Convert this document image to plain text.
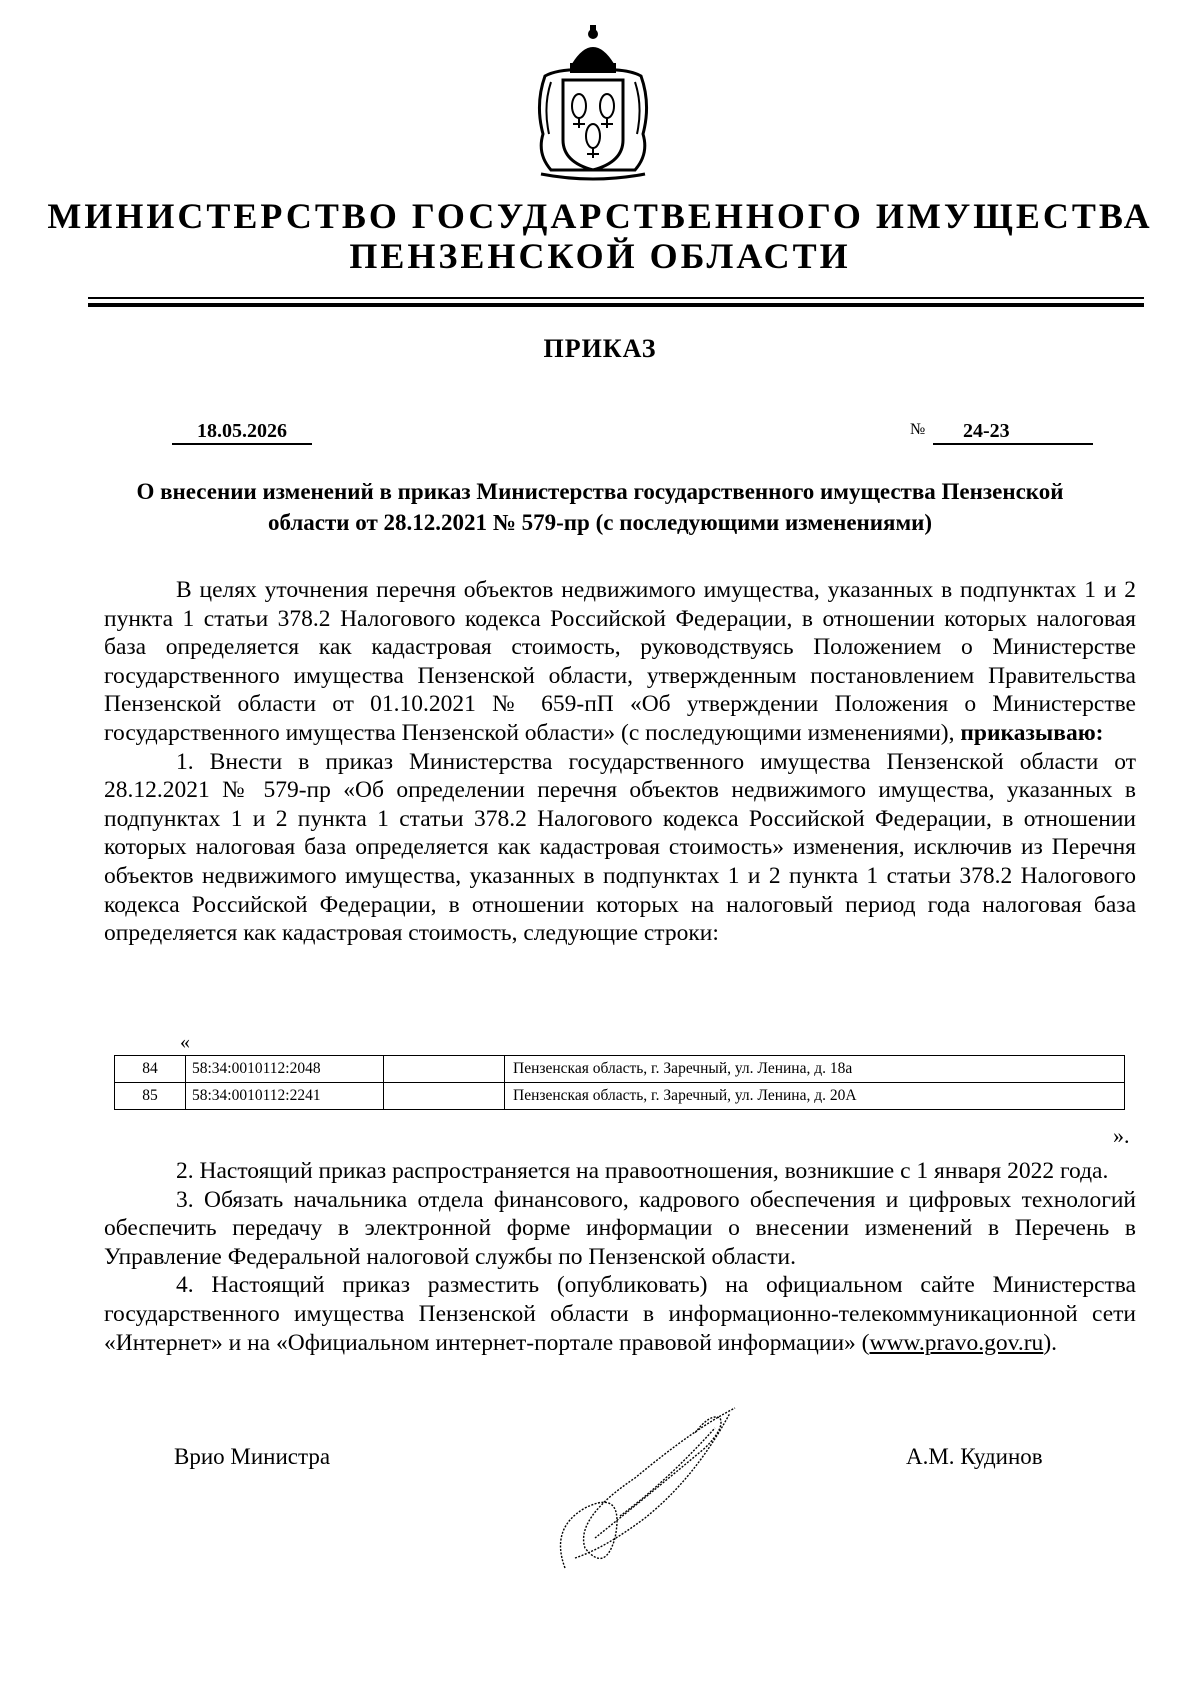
МИНИСТЕРСТВО ГОСУДАРСТВЕННОГО ИМУЩЕСТВА
ПЕНЗЕНСКОЙ ОБЛАСТИ
ПРИКАЗ
18.05.2026	№	24-23
О внесении изменений в приказ Министерства государственного имущества Пензенской области от 28.12.2021 № 579-пр (с последующими изменениями)

В целях уточнения перечня объектов недвижимого имущества, указанных в подпунктах 1 и 2 пункта 1 статьи 378.2 Налогового кодекса Российской Федерации, в отношении которых налоговая база определяется как кадастровая стоимость, руководствуясь Положением о Министерстве государственного имущества Пензенской области, утвержденным постановлением Правительства Пензенской области от 01.10.2021 № 659-пП «Об утверждении Положения о Министерстве государственного имущества Пензенской области» (с последующими изменениями), приказываю:

1. Внести в приказ Министерства государственного имущества Пензенской области от 28.12.2021 № 579-пр «Об определении перечня объектов недвижимого имущества, указанных в подпунктах 1 и 2 пункта 1 статьи 378.2 Налогового кодекса Российской Федерации, в отношении которых налоговая база определяется как кадастровая стоимость» изменения, исключив из Перечня объектов недвижимого имущества, указанных в подпунктах 1 и 2 пункта 1 статьи 378.2 Налогового кодекса Российской Федерации, в отношении которых на налоговый период года налоговая база определяется как кадастровая стоимость, следующие строки:

«
84	58:34:0010112:2048		Пензенская область, г. Заречный, ул. Ленина, д. 18а
85	58:34:0010112:2241		Пензенская область, г. Заречный, ул. Ленина, д. 20А
».

2. Настоящий приказ распространяется на правоотношения, возникшие с 1 января 2022 года.

3. Обязать начальника отдела финансового, кадрового обеспечения и цифровых технологий обеспечить передачу в электронной форме информации о внесении изменений в Перечень в Управление Федеральной налоговой службы по Пензенской области.

4. Настоящий приказ разместить (опубликовать) на официальном сайте Министерства государственного имущества Пензенской области в информационно-телекоммуникационной сети «Интернет» и на «Официальном интернет-портале правовой информации» (www.pravo.gov.ru).

Врио Министра	А.М. Кудинов
